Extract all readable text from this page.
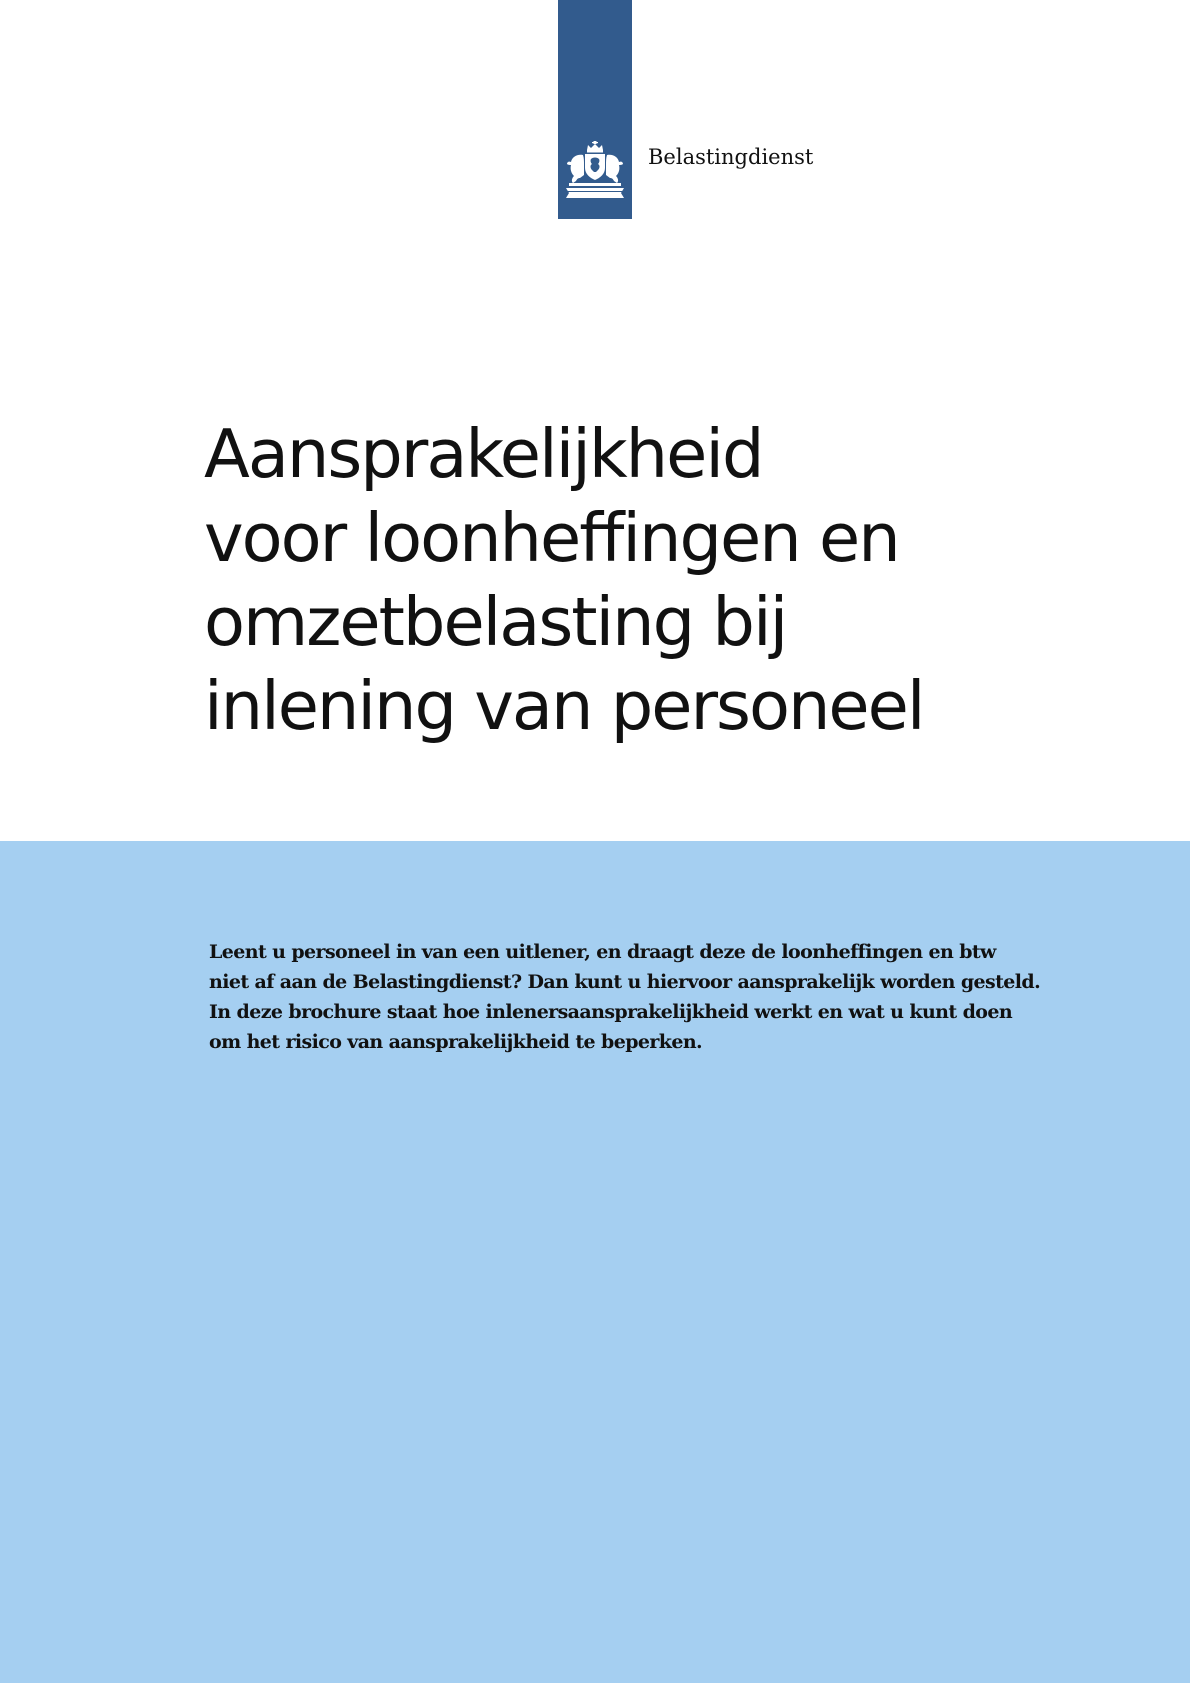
Belastingdienst
Aansprakelijkheid
voor loonheffingen en
omzetbelasting bij
inlening van personeel

Leent u personeel in van een uitlener, en draagt deze de loonheffingen en btw
niet af aan de Belastingdienst? Dan kunt u hiervoor aansprakelijk worden gesteld.
In deze brochure staat hoe inlenersaansprakelijkheid werkt en wat u kunt doen
om het risico van aansprakelijkheid te beperken.
